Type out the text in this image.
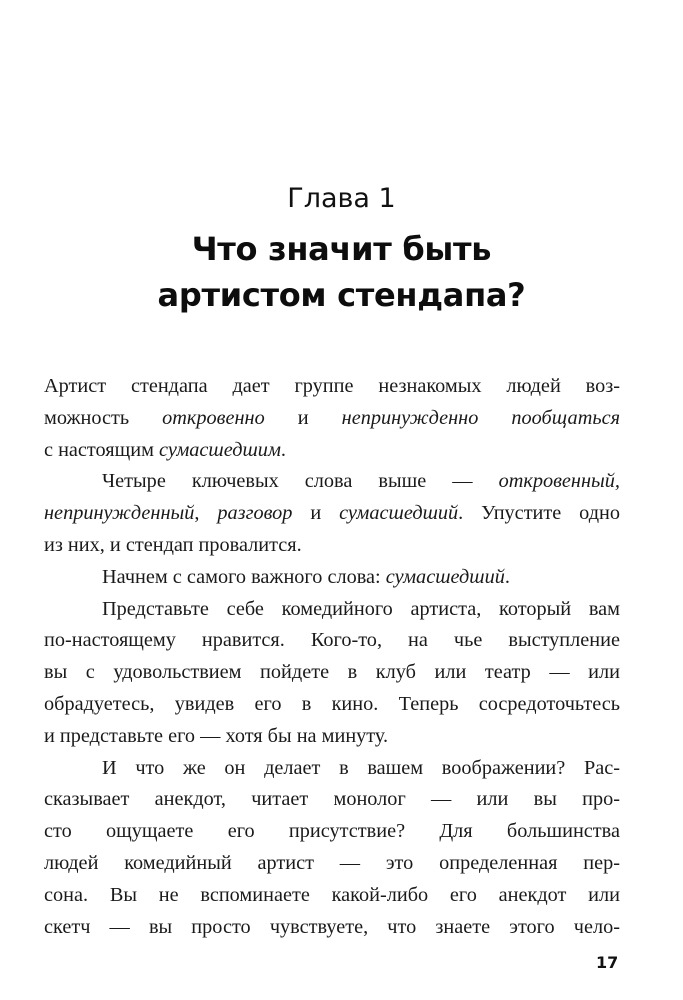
Глава 1
Что значит быть
артистом стендапа?

Артист стендапа дает группе незнакомых людей воз-
можность откровенно и непринужденно пообщаться
с настоящим сумасшедшим.

Четыре ключевых слова выше — откровенный,
непринужденный, разговор и сумасшедший. Упустите одно
из них, и стендап провалится.

Начнем с самого важного слова: сумасшедший.

Представьте себе комедийного артиста, который вам
по-настоящему нравится. Кого-то, на чье выступление
вы с удовольствием пойдете в клуб или театр — или
обрадуетесь, увидев его в кино. Теперь сосредоточьтесь
и представьте его — хотя бы на минуту.

И что же он делает в вашем воображении? Рас-
сказывает анекдот, читает монолог — или вы про-
сто ощущаете его присутствие? Для большинства
людей комедийный артист — это определенная пер-
сона. Вы не вспоминаете какой-либо его анекдот или
скетч — вы просто чувствуете, что знаете этого чело-

17
